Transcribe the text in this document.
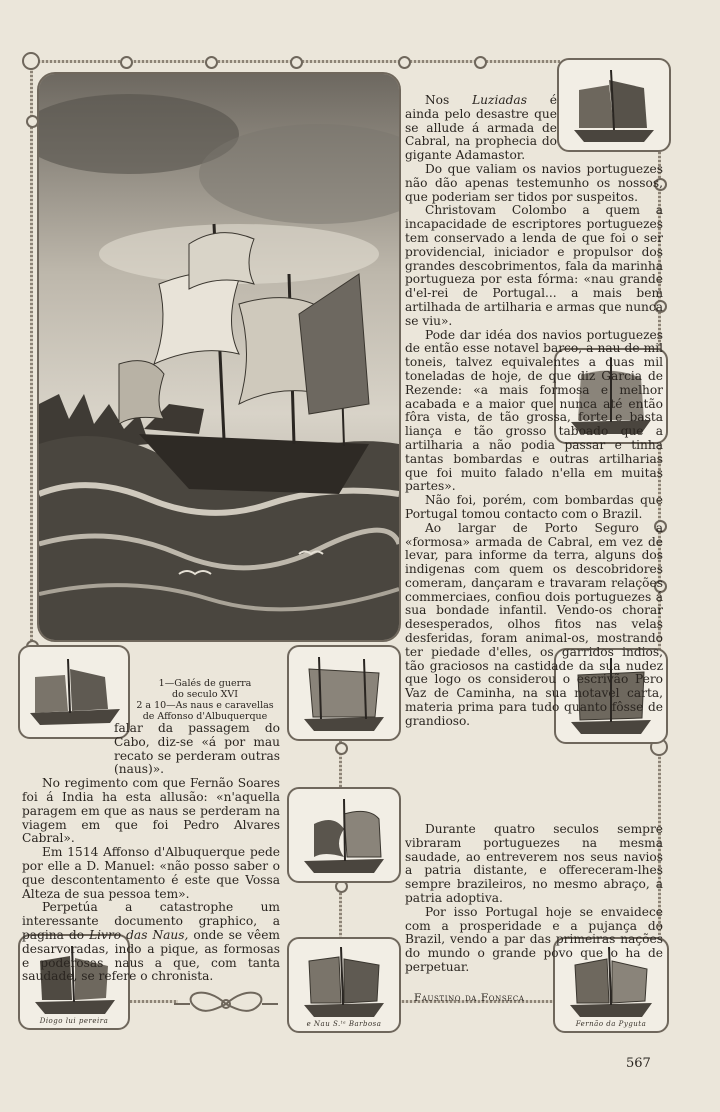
Diogo lui pereira	e Nau S.ᵗᵃ Barbosa	Fernão da Pyguta
1—Galés de guerra
do seculo XVI
2 a 10—As naus e caravellas
de Affonso d'Albuquerque

Nos Luziadas é ainda pelo desastre que se allude á armada de Cabral, na prophecia do gigante Adamastor.

Do que valiam os navios portuguezes não dão apenas testemunho os nossos, que poderiam ser tidos por suspeitos.

Christovam Colombo a quem a incapacidade de escriptores portuguezes tem conservado a lenda de que foi o ser providencial, iniciador e propulsor dos grandes descobrimentos, fala da marinha portugueza por esta fórma: «nau grande d'el-rei de Portugal... a mais bem artilhada de artilharia e armas que nunca se viu».

Pode dar idéa dos navios portuguezes de então esse notavel barco, a nau de mil toneis, talvez equivalentes a duas mil toneladas de hoje, de que diz Garcia de Rezende: «a mais formosa e melhor acabada e a maior que nunca até então fôra vista, de tão grossa, forte e basta liança e tão grosso taboado que a artilharia a não podia passar e tinha tantas bombardas e outras artilharias que foi muito falado n'ella em muitas partes».

Não foi, porém, com bombardas que Portugal tomou contacto com o Brazil.

Ao largar de Porto Seguro a «formosa» armada de Cabral, em vez de levar, para informe da terra, alguns dos indigenas com quem os descobridores comeram, dançaram e travaram relações commerciaes, confiou dois portuguezes á sua bondade infantil. Vendo-os chorar desesperados, olhos fitos nas velas desferidas, foram animal-os, mostrando ter piedade d'elles, os garridos indios, tão graciosos na castidade da sua nudez que logo os considerou o escrivão Pero Vaz de Caminha, na sua notavel carta, materia prima para tudo quanto fôsse de grandioso.

Durante quatro seculos sempre vibraram portuguezes na mesma saudade, ao entreverem nos seus navios a patria distante, e offereceram-lhes sempre brazileiros, no mesmo abraço, a patria adoptiva.

Por isso Portugal hoje se envaidece com a prosperidade e a pujança do Brazil, vendo a par das primeiras nações do mundo o grande povo que o ha de perpetuar.

falar da passagem do Cabo, diz-se «á por mau recato se perderam outras (naus)».

No regimento com que Fernão Soares foi á India ha esta allusão: «n'aquella paragem em que as naus se perderam na viagem em que foi Pedro Alvares Cabral».

Em 1514 Affonso d'Albuquerque pede por elle a D. Manuel: «não posso saber o que descontentamento é este que Vossa Alteza de sua pessoa tem».

Perpetúa a catastrophe um interessante documento graphico, a pagina do Livro das Naus, onde se vêem desarvoradas, indo a pique, as formosas e poderosas naus a que, com tanta saudade, se refere o chronista.

Faustino da Fonseca
567
